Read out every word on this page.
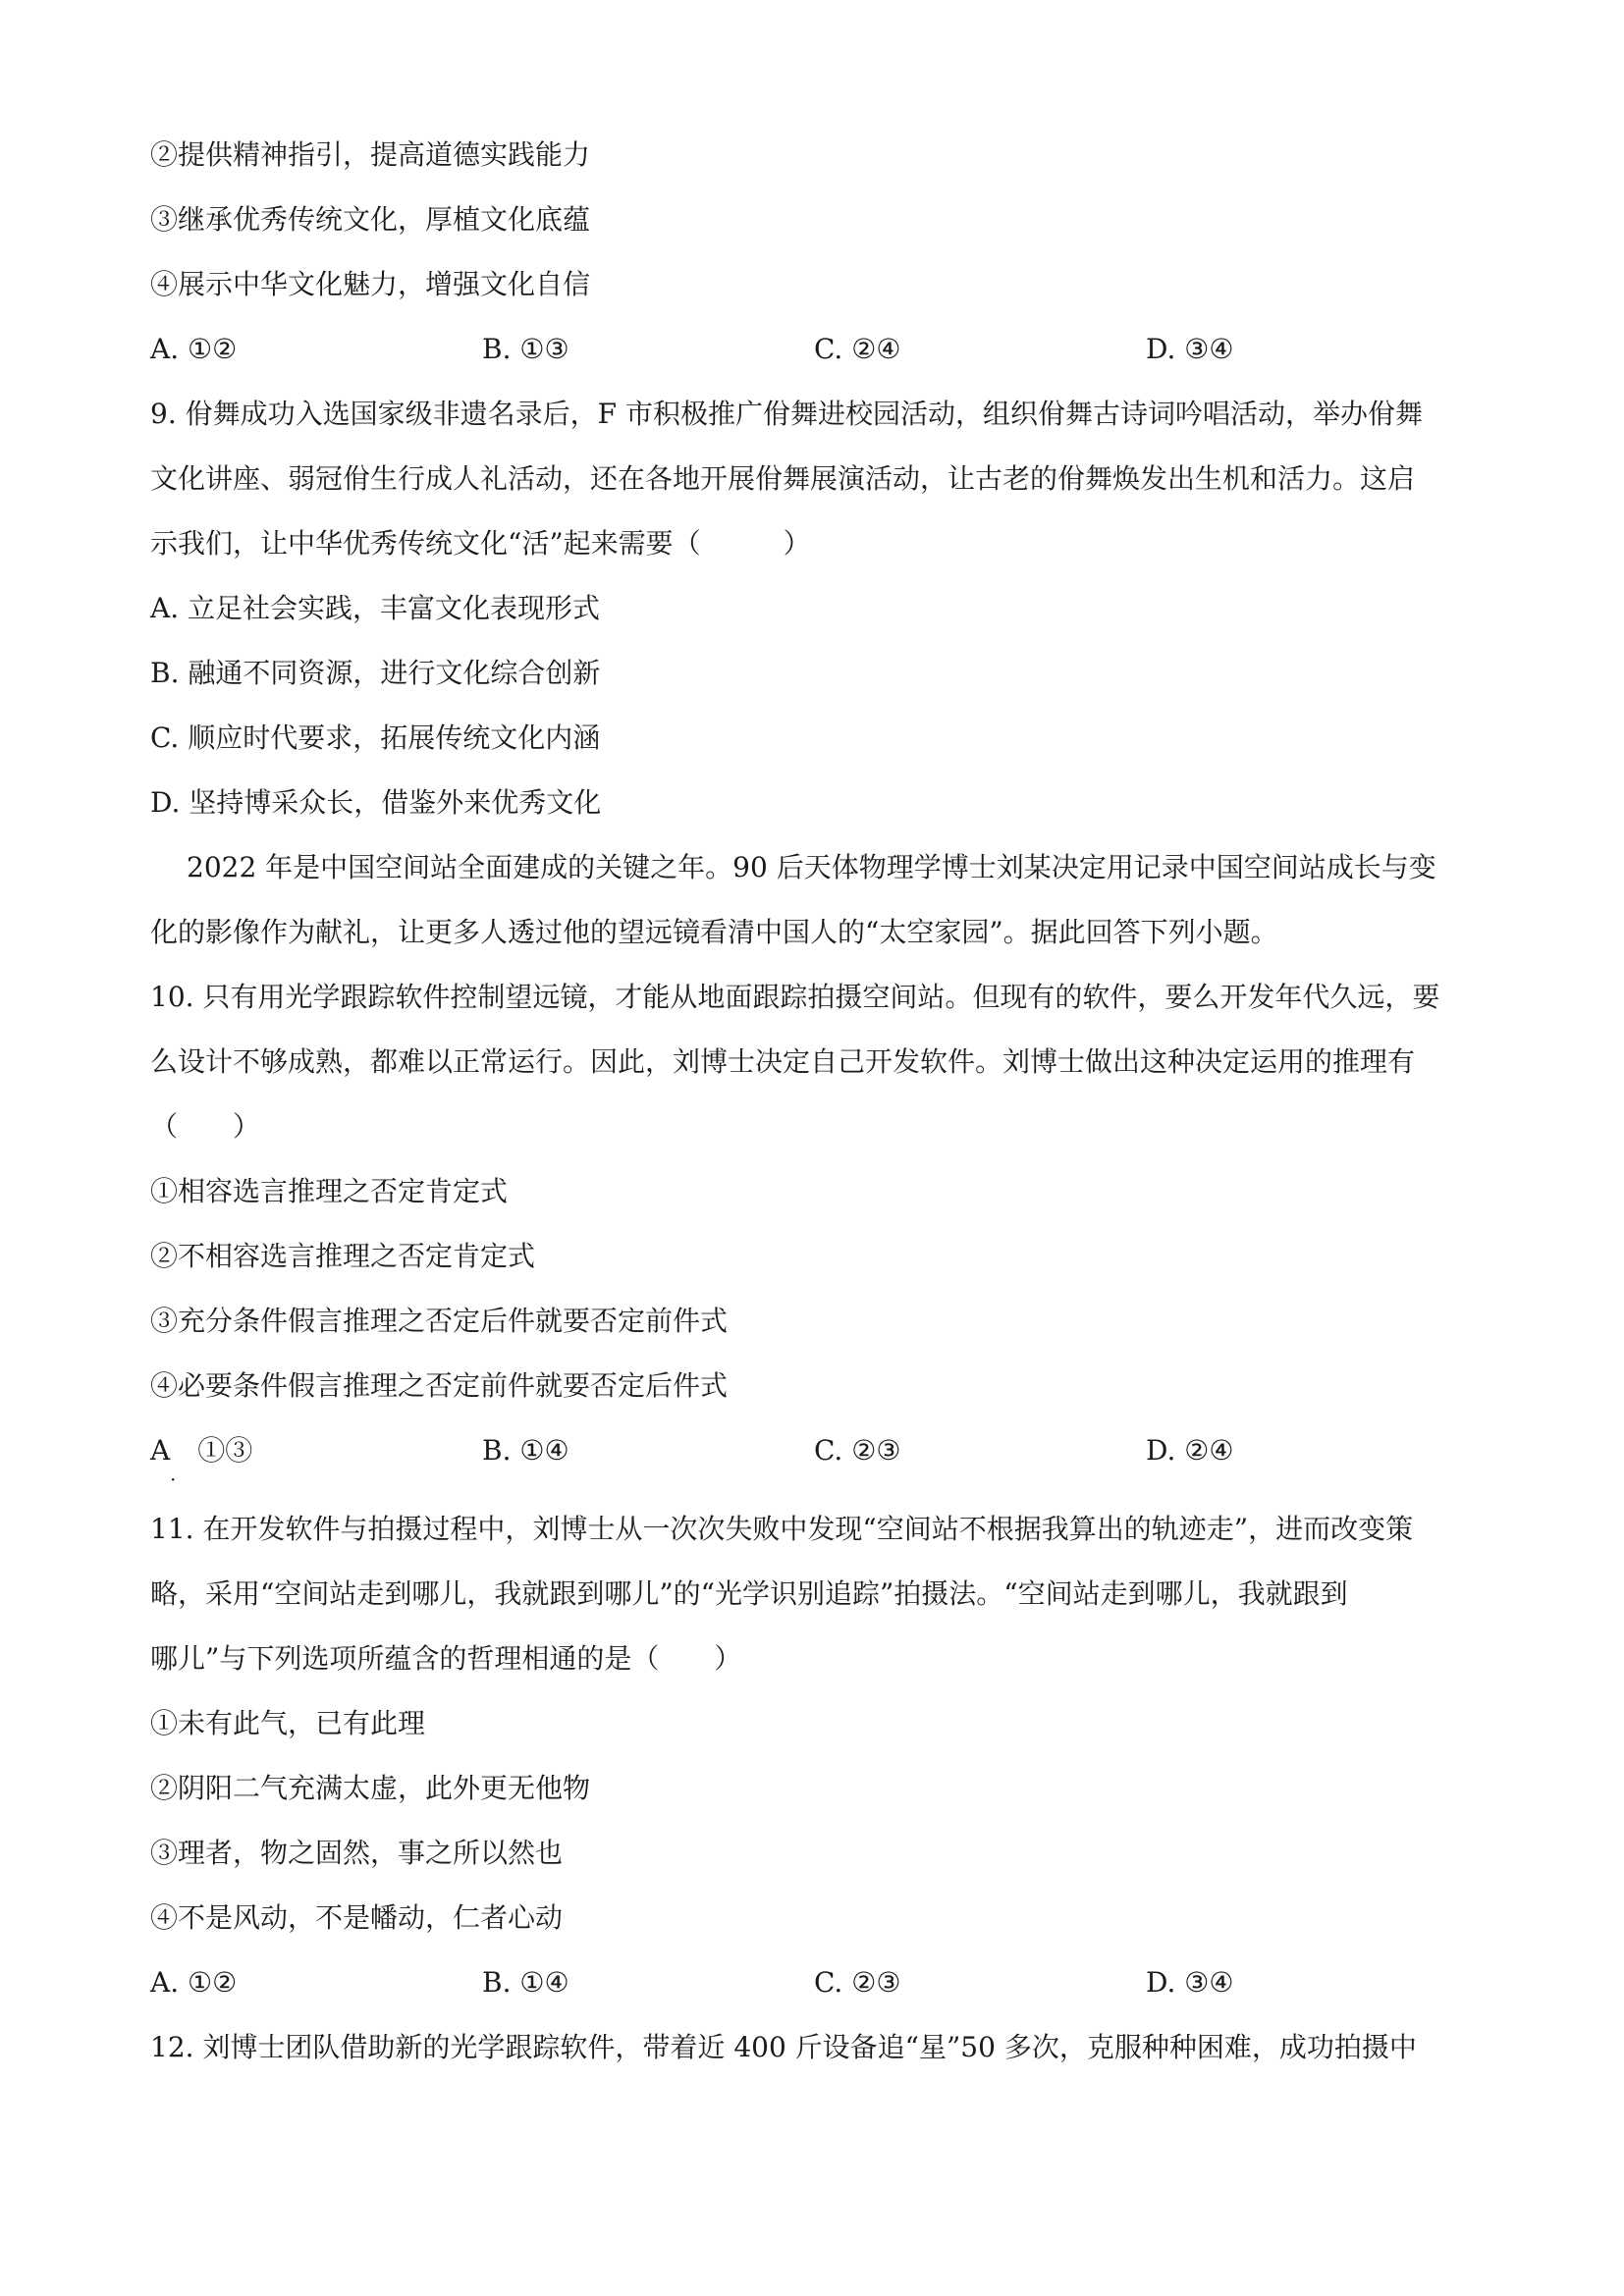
②提供精神指引，提高道德实践能力
③继承优秀传统文化，厚植文化底蕴
④展示中华文化魅力，增强文化自信
A. ①②	B. ①③	C. ②④	D. ③④
9. 佾舞成功入选国家级非遗名录后，F 市积极推广佾舞进校园活动，组织佾舞古诗词吟唱活动，举办佾舞
文化讲座、弱冠佾生行成人礼活动，还在各地开展佾舞展演活动，让古老的佾舞焕发出生机和活力。这启
示我们，让中华优秀传统文化“活”起来需要（　　　）
A. 立足社会实践，丰富文化表现形式
B. 融通不同资源，进行文化综合创新
C. 顺应时代要求，拓展传统文化内涵
D. 坚持博采众长，借鉴外来优秀文化
2022 年是中国空间站全面建成的关键之年。90 后天体物理学博士刘某决定用记录中国空间站成长与变
化的影像作为献礼，让更多人透过他的望远镜看清中国人的“太空家园”。据此回答下列小题。
10. 只有用光学跟踪软件控制望远镜，才能从地面跟踪拍摄空间站。但现有的软件，要么开发年代久远，要
么设计不够成熟，都难以正常运行。因此，刘博士决定自己开发软件。刘博士做出这种决定运用的推理有
（　　）
①相容选言推理之否定肯定式
②不相容选言推理之否定肯定式
③充分条件假言推理之否定后件就要否定前件式
④必要条件假言推理之否定前件就要否定后件式
A　①③	B. ①④	C. ②③	D. ②④
·
11. 在开发软件与拍摄过程中，刘博士从一次次失败中发现“空间站不根据我算出的轨迹走”，进而改变策
略，采用“空间站走到哪儿，我就跟到哪儿”的“光学识别追踪”拍摄法。“空间站走到哪儿，我就跟到
哪儿”与下列选项所蕴含的哲理相通的是（　　）
①未有此气，已有此理
②阴阳二气充满太虚，此外更无他物
③理者，物之固然，事之所以然也
④不是风动，不是幡动，仁者心动
A. ①②	B. ①④	C. ②③	D. ③④
12. 刘博士团队借助新的光学跟踪软件，带着近 400 斤设备追“星”50 多次，克服种种困难，成功拍摄中
